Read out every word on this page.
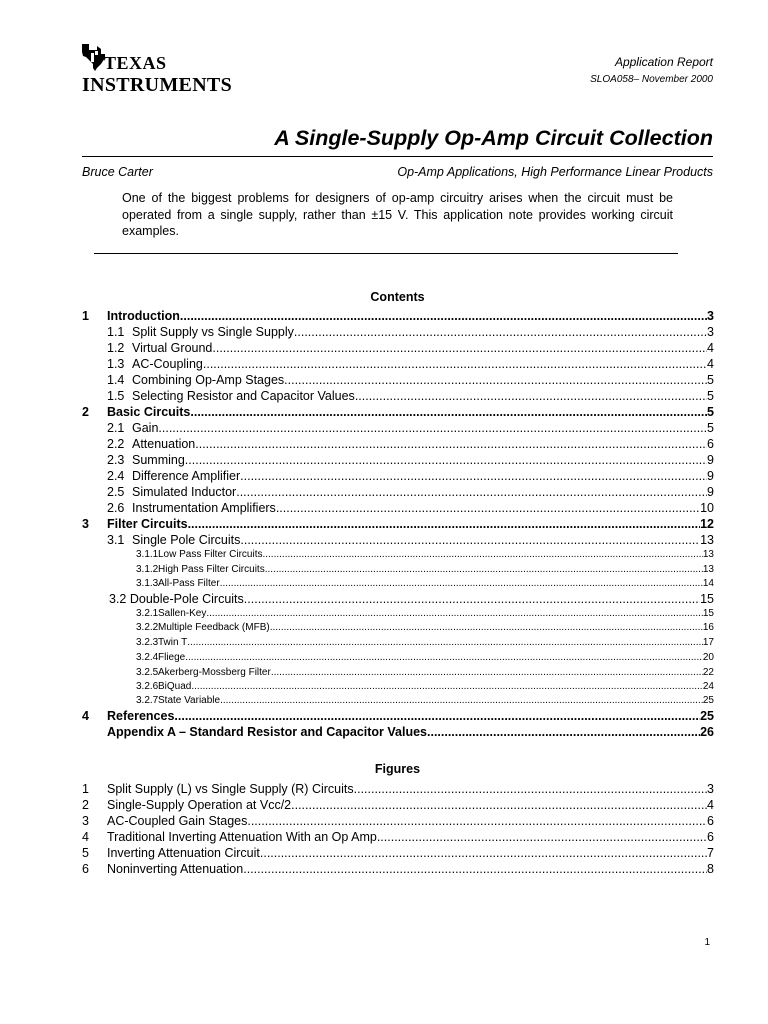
TEXAS
INSTRUMENTS
Application Report
SLOA058– November 2000
A Single-Supply Op-Amp Circuit Collection
Bruce Carter	Op-Amp Applications, High Performance Linear Products
One of the biggest problems for designers of op-amp circuitry arises when the circuit must be operated from a single supply, rather than ±15 V. This application note provides working circuit examples.
Contents
1	Introduction .....	3
1.1 Split Supply vs Single Supply .....	3
1.2 Virtual Ground .....	4
1.3 AC-Coupling .....	4
1.4 Combining Op-Amp Stages .....	5
1.5 Selecting Resistor and Capacitor Values .....	5
2	Basic Circuits .....	5
2.1 Gain .....	5
2.2 Attenuation .....	6
2.3 Summing .....	9
2.4 Difference Amplifier .....	9
2.5 Simulated Inductor .....	9
2.6 Instrumentation Amplifiers .....	10
3	Filter Circuits .....	12
3.1 Single Pole Circuits .....	13
3.1.1 Low Pass Filter Circuits .....	13
3.1.2 High Pass Filter Circuits .....	13
3.1.3 All-Pass Filter .....	14
3.2 Double-Pole Circuits .....	15
3.2.1 Sallen-Key .....	15
3.2.2 Multiple Feedback (MFB) .....	16
3.2.3 Twin T .....	17
3.2.4 Fliege .....	20
3.2.5 Akerberg-Mossberg Filter .....	22
3.2.6 BiQuad .....	24
3.2.7 State Variable .....	25
4	References .....	25
Appendix A – Standard Resistor and Capacitor Values .....	26
Figures
1	Split Supply (L) vs Single Supply (R) Circuits .....	3
2	Single-Supply Operation at Vcc/2 .....	4
3	AC-Coupled Gain Stages .....	6
4	Traditional Inverting Attenuation With an Op Amp .....	6
5	Inverting Attenuation Circuit .....	7
6	Noninverting Attenuation .....	8
1
